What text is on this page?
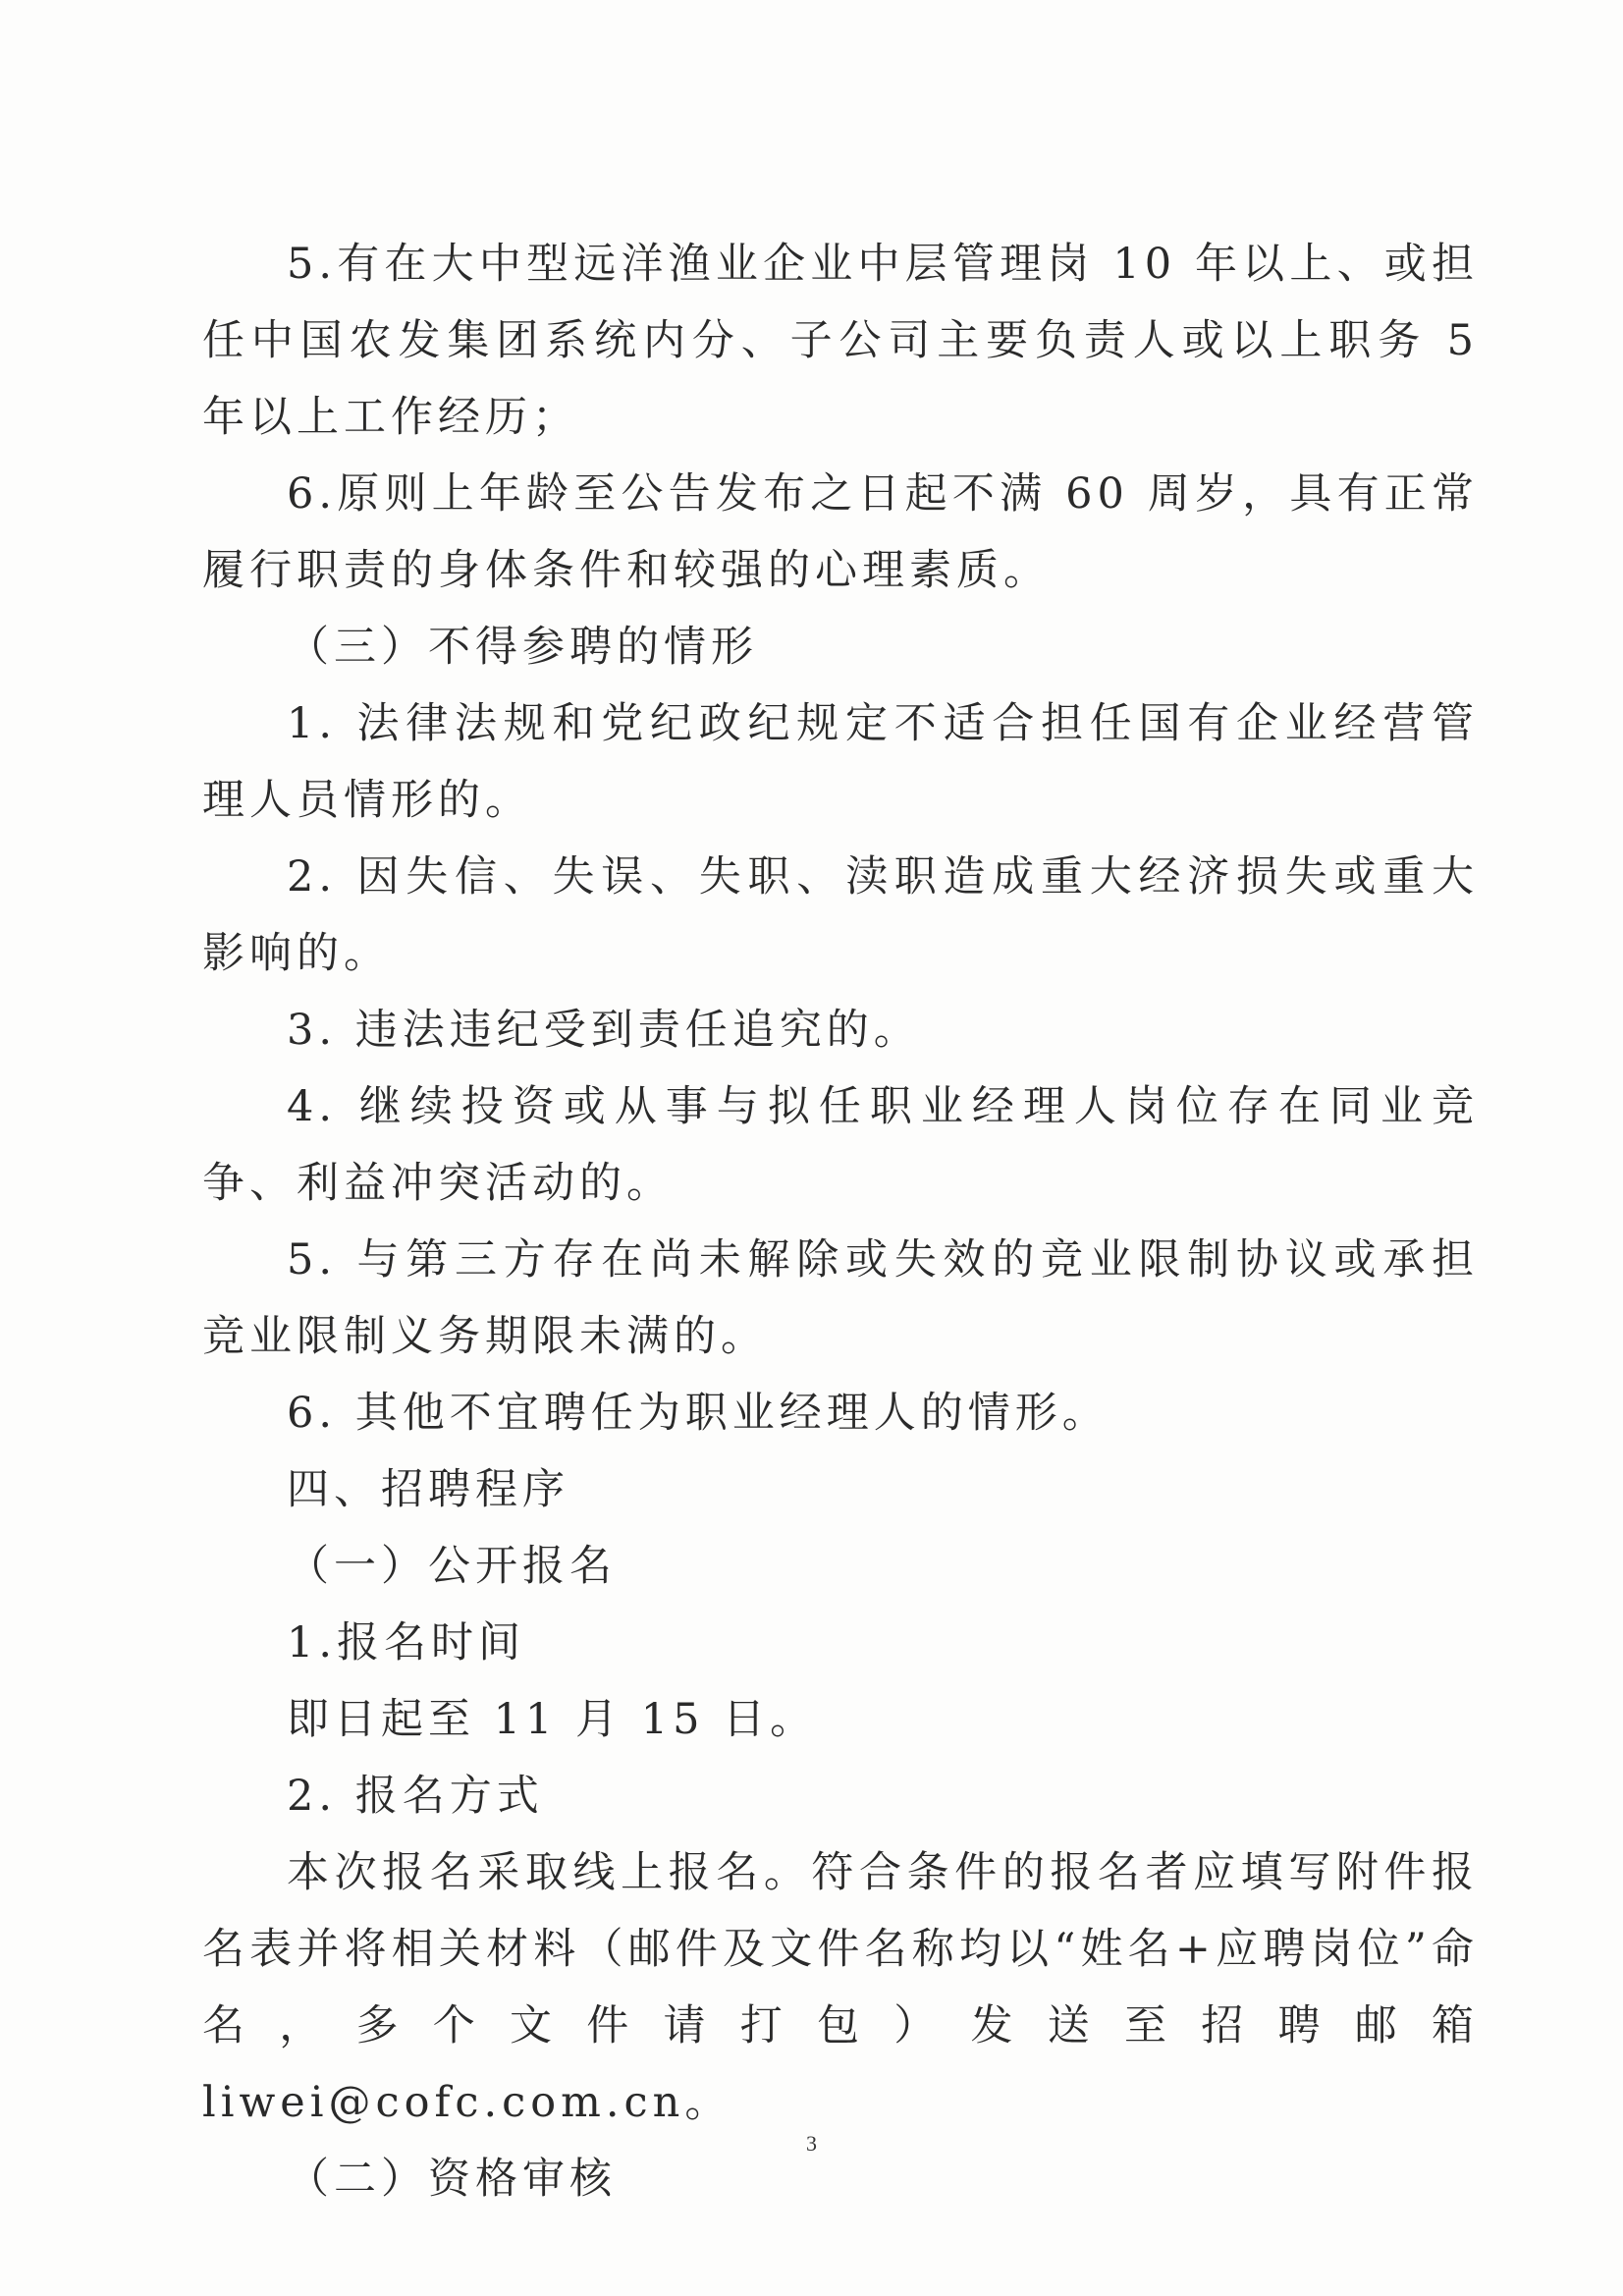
5.有在大中型远洋渔业企业中层管理岗 10 年以上、或担任中国农发集团系统内分、子公司主要负责人或以上职务 5 年以上工作经历；

6.原则上年龄至公告发布之日起不满 60 周岁，具有正常履行职责的身体条件和较强的心理素质。

（三）不得参聘的情形

1. 法律法规和党纪政纪规定不适合担任国有企业经营管理人员情形的。

2. 因失信、失误、失职、渎职造成重大经济损失或重大影响的。

3. 违法违纪受到责任追究的。

4. 继续投资或从事与拟任职业经理人岗位存在同业竞争、利益冲突活动的。

5. 与第三方存在尚未解除或失效的竞业限制协议或承担竞业限制义务期限未满的。

6. 其他不宜聘任为职业经理人的情形。

四、招聘程序

（一）公开报名

1.报名时间

即日起至 11 月 15 日。

2. 报名方式

本次报名采取线上报名。符合条件的报名者应填写附件报名表并将相关材料（邮件及文件名称均以“姓名+应聘岗位”命名，多个文件请打包）发送至招聘邮箱 liwei@cofc.com.cn。

（二）资格审核

3
